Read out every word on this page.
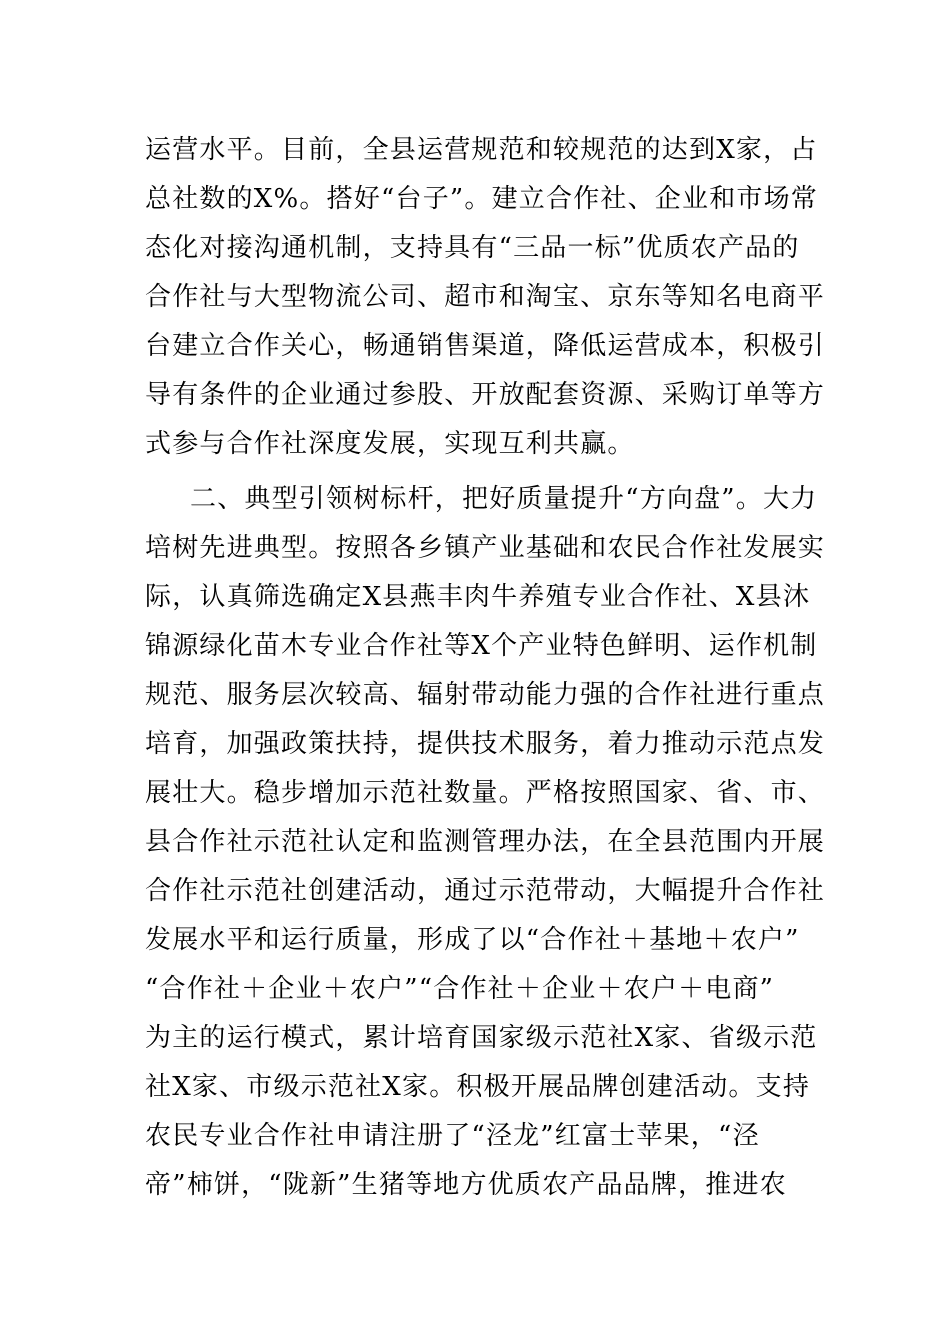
运营水平。目前，全县运营规范和较规范的达到X家，占
总社数的X%。搭好“台子”。建立合作社、企业和市场常
态化对接沟通机制，支持具有“三品一标”优质农产品的
合作社与大型物流公司、超市和淘宝、京东等知名电商平
台建立合作关心，畅通销售渠道，降低运营成本，积极引
导有条件的企业通过参股、开放配套资源、采购订单等方
式参与合作社深度发展，实现互利共赢。
二、典型引领树标杆，把好质量提升“方向盘”。大力
培树先进典型。按照各乡镇产业基础和农民合作社发展实
际，认真筛选确定X县燕丰肉牛养殖专业合作社、X县沐
锦源绿化苗木专业合作社等X个产业特色鲜明、运作机制
规范、服务层次较高、辐射带动能力强的合作社进行重点
培育，加强政策扶持，提供技术服务，着力推动示范点发
展壮大。稳步增加示范社数量。严格按照国家、省、市、
县合作社示范社认定和监测管理办法，在全县范围内开展
合作社示范社创建活动，通过示范带动，大幅提升合作社
发展水平和运行质量，形成了以“合作社＋基地＋农户”
“合作社＋企业＋农户”“合作社＋企业＋农户＋电商”
为主的运行模式，累计培育国家级示范社X家、省级示范
社X家、市级示范社X家。积极开展品牌创建活动。支持
农民专业合作社申请注册了“泾龙”红富士苹果，“泾
帝”柿饼，“陇新”生猪等地方优质农产品品牌，推进农
